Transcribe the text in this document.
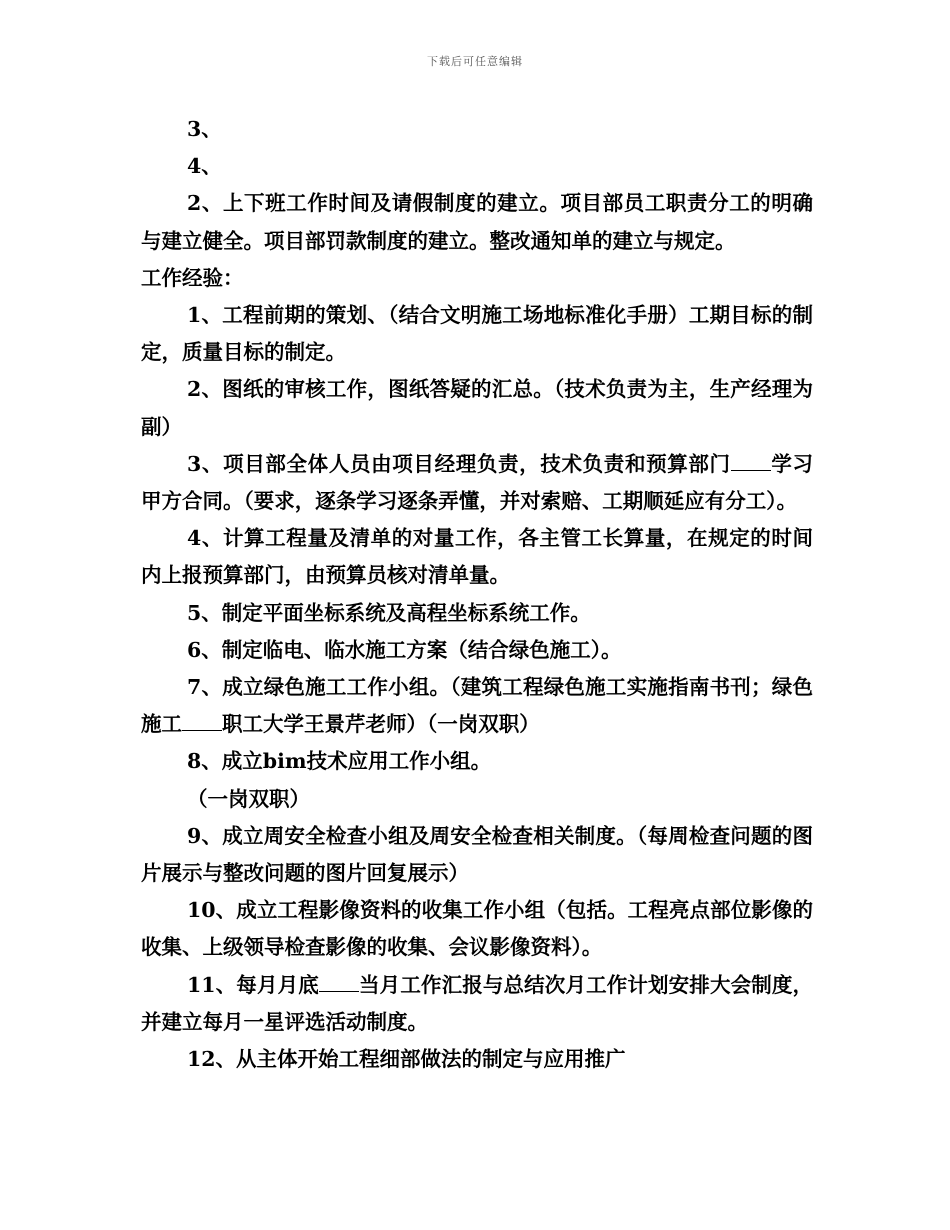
下载后可任意编辑

3、

4、

2、上下班工作时间及请假制度的建立。项目部员工职责分工的明确与建立健全。项目部罚款制度的建立。整改通知单的建立与规定。

工作经验：

1、工程前期的策划、（结合文明施工场地标准化手册）工期目标的制定，质量目标的制定。

2、图纸的审核工作，图纸答疑的汇总。（技术负责为主，生产经理为副）

3、项目部全体人员由项目经理负责，技术负责和预算部门 学习甲方合同。（要求，逐条学习逐条弄懂，并对索赔、工期顺延应有分工）。

4、计算工程量及清单的对量工作，各主管工长算量，在规定的时间内上报预算部门，由预算员核对清单量。

5、制定平面坐标系统及高程坐标系统工作。

6、制定临电、临水施工方案（结合绿色施工）。

7、成立绿色施工工作小组。（建筑工程绿色施工实施指南书刊；绿色施工 职工大学王景芹老师）（一岗双职）

8、成立bim技术应用工作小组。

（一岗双职）

9、成立周安全检查小组及周安全检查相关制度。（每周检查问题的图片展示与整改问题的图片回复展示）

10、成立工程影像资料的收集工作小组（包括。工程亮点部位影像的收集、上级领导检查影像的收集、会议影像资料）。

11、每月月底 当月工作汇报与总结次月工作计划安排大会制度，并建立每月一星评选活动制度。

12、从主体开始工程细部做法的制定与应用推广
